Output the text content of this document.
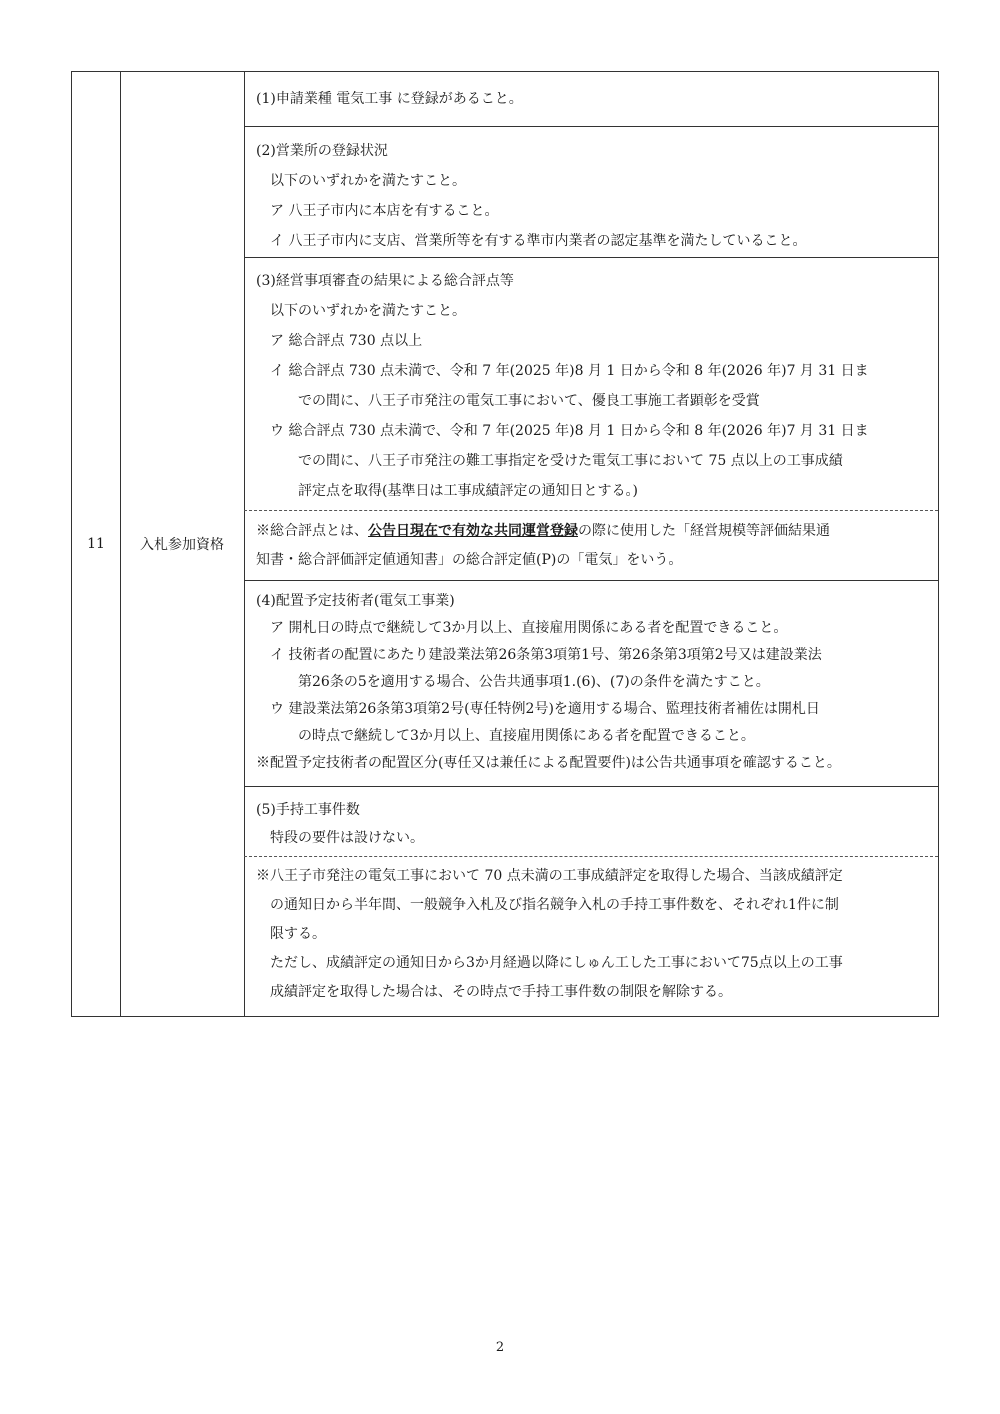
11	入札参加資格
(1)申請業種 電気工事 に登録があること。
(2)営業所の登録状況
以下のいずれかを満たすこと。
ア 八王子市内に本店を有すること。
イ 八王子市内に支店、営業所等を有する準市内業者の認定基準を満たしていること。
(3)経営事項審査の結果による総合評点等
以下のいずれかを満たすこと。
ア 総合評点 730 点以上
イ 総合評点 730 点未満で、令和 7 年(2025 年)8 月 1 日から令和 8 年(2026 年)7 月 31 日ま
での間に、八王子市発注の電気工事において、優良工事施工者顕彰を受賞
ウ 総合評点 730 点未満で、令和 7 年(2025 年)8 月 1 日から令和 8 年(2026 年)7 月 31 日ま
での間に、八王子市発注の難工事指定を受けた電気工事において 75 点以上の工事成績
評定点を取得(基準日は工事成績評定の通知日とする。)
※総合評点とは、公告日現在で有効な共同運営登録の際に使用した「経営規模等評価結果通
知書・総合評価評定値通知書」の総合評定値(P)の「電気」をいう。
(4)配置予定技術者(電気工事業)
ア 開札日の時点で継続して3か月以上、直接雇用関係にある者を配置できること。
イ 技術者の配置にあたり建設業法第26条第3項第1号、第26条第3項第2号又は建設業法
第26条の5を適用する場合、公告共通事項1.(6)、(7)の条件を満たすこと。
ウ 建設業法第26条第3項第2号(専任特例2号)を適用する場合、監理技術者補佐は開札日
の時点で継続して3か月以上、直接雇用関係にある者を配置できること。
※配置予定技術者の配置区分(専任又は兼任による配置要件)は公告共通事項を確認すること。
(5)手持工事件数
特段の要件は設けない。
※八王子市発注の電気工事において 70 点未満の工事成績評定を取得した場合、当該成績評定
の通知日から半年間、一般競争入札及び指名競争入札の手持工事件数を、それぞれ1件に制
限する。
ただし、成績評定の通知日から3か月経過以降にしゅん工した工事において75点以上の工事
成績評定を取得した場合は、その時点で手持工事件数の制限を解除する。
2
